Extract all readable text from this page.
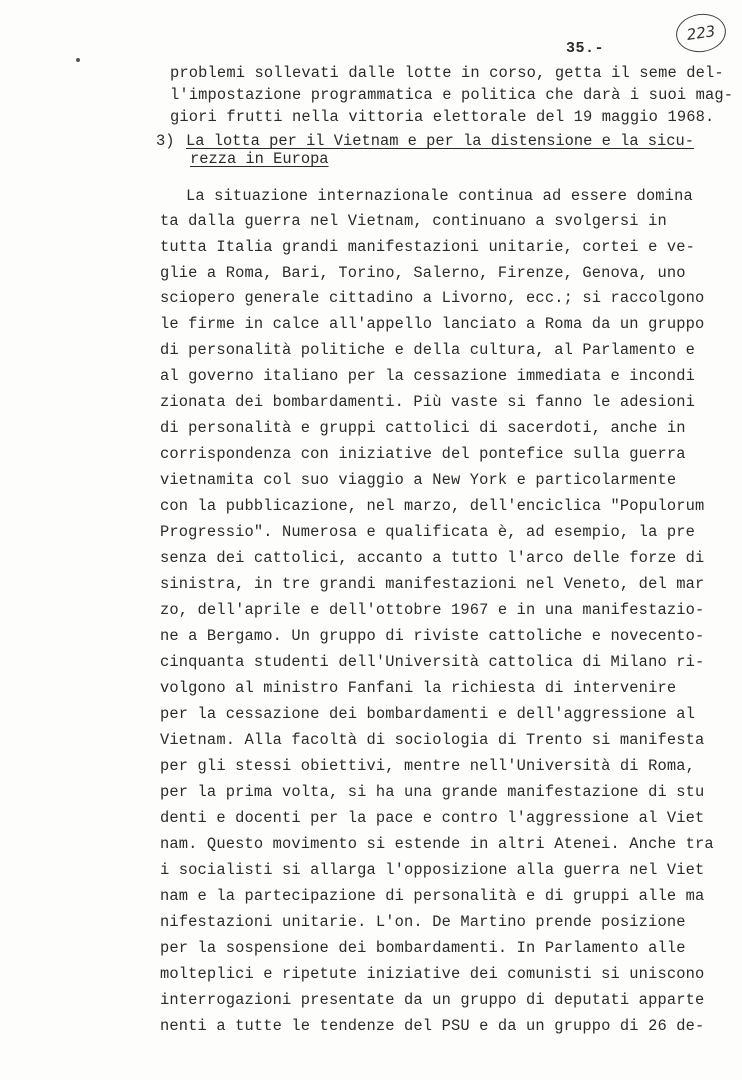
35.-
223
problemi sollevati dalle lotte in corso, getta il seme del-
l'impostazione programmatica e politica che darà i suoi mag-
giori frutti nella vittoria elettorale del 19 maggio 1968.
3) La lotta per il Vietnam e per la distensione e la sicu-
rezza in Europa
La situazione internazionale continua ad essere domina
ta dalla guerra nel Vietnam, continuano a svolgersi in
tutta Italia grandi manifestazioni unitarie, cortei e ve-
glie a Roma, Bari, Torino, Salerno, Firenze, Genova, uno
sciopero generale cittadino a Livorno, ecc.; si raccolgono
le firme in calce all'appello lanciato a Roma da un gruppo
di personalità politiche e della cultura, al Parlamento e
al governo italiano per la cessazione immediata e incondi
zionata dei bombardamenti. Più vaste si fanno le adesioni
di personalità e gruppi cattolici di sacerdoti, anche in
corrispondenza con iniziative del pontefice sulla guerra
vietnamita col suo viaggio a New York e particolarmente
con la pubblicazione, nel marzo, dell'enciclica "Populorum
Progressio". Numerosa e qualificata è, ad esempio, la pre
senza dei cattolici, accanto a tutto l'arco delle forze di
sinistra, in tre grandi manifestazioni nel Veneto, del mar
zo, dell'aprile e dell'ottobre 1967 e in una manifestazio-
ne a Bergamo. Un gruppo di riviste cattoliche e novecento-
cinquanta studenti dell'Università cattolica di Milano ri-
volgono al ministro Fanfani la richiesta di intervenire
per la cessazione dei bombardamenti e dell'aggressione al
Vietnam. Alla facoltà di sociologia di Trento si manifesta
per gli stessi obiettivi, mentre nell'Università di Roma,
per la prima volta, si ha una grande manifestazione di stu
denti e docenti per la pace e contro l'aggressione al Viet
nam. Questo movimento si estende in altri Atenei. Anche tra
i socialisti si allarga l'opposizione alla guerra nel Viet
nam e la partecipazione di personalità e di gruppi alle ma
nifestazioni unitarie. L'on. De Martino prende posizione
per la sospensione dei bombardamenti. In Parlamento alle
molteplici e ripetute iniziative dei comunisti si uniscono
interrogazioni presentate da un gruppo di deputati apparte
nenti a tutte le tendenze del PSU e da un gruppo di 26 de-
